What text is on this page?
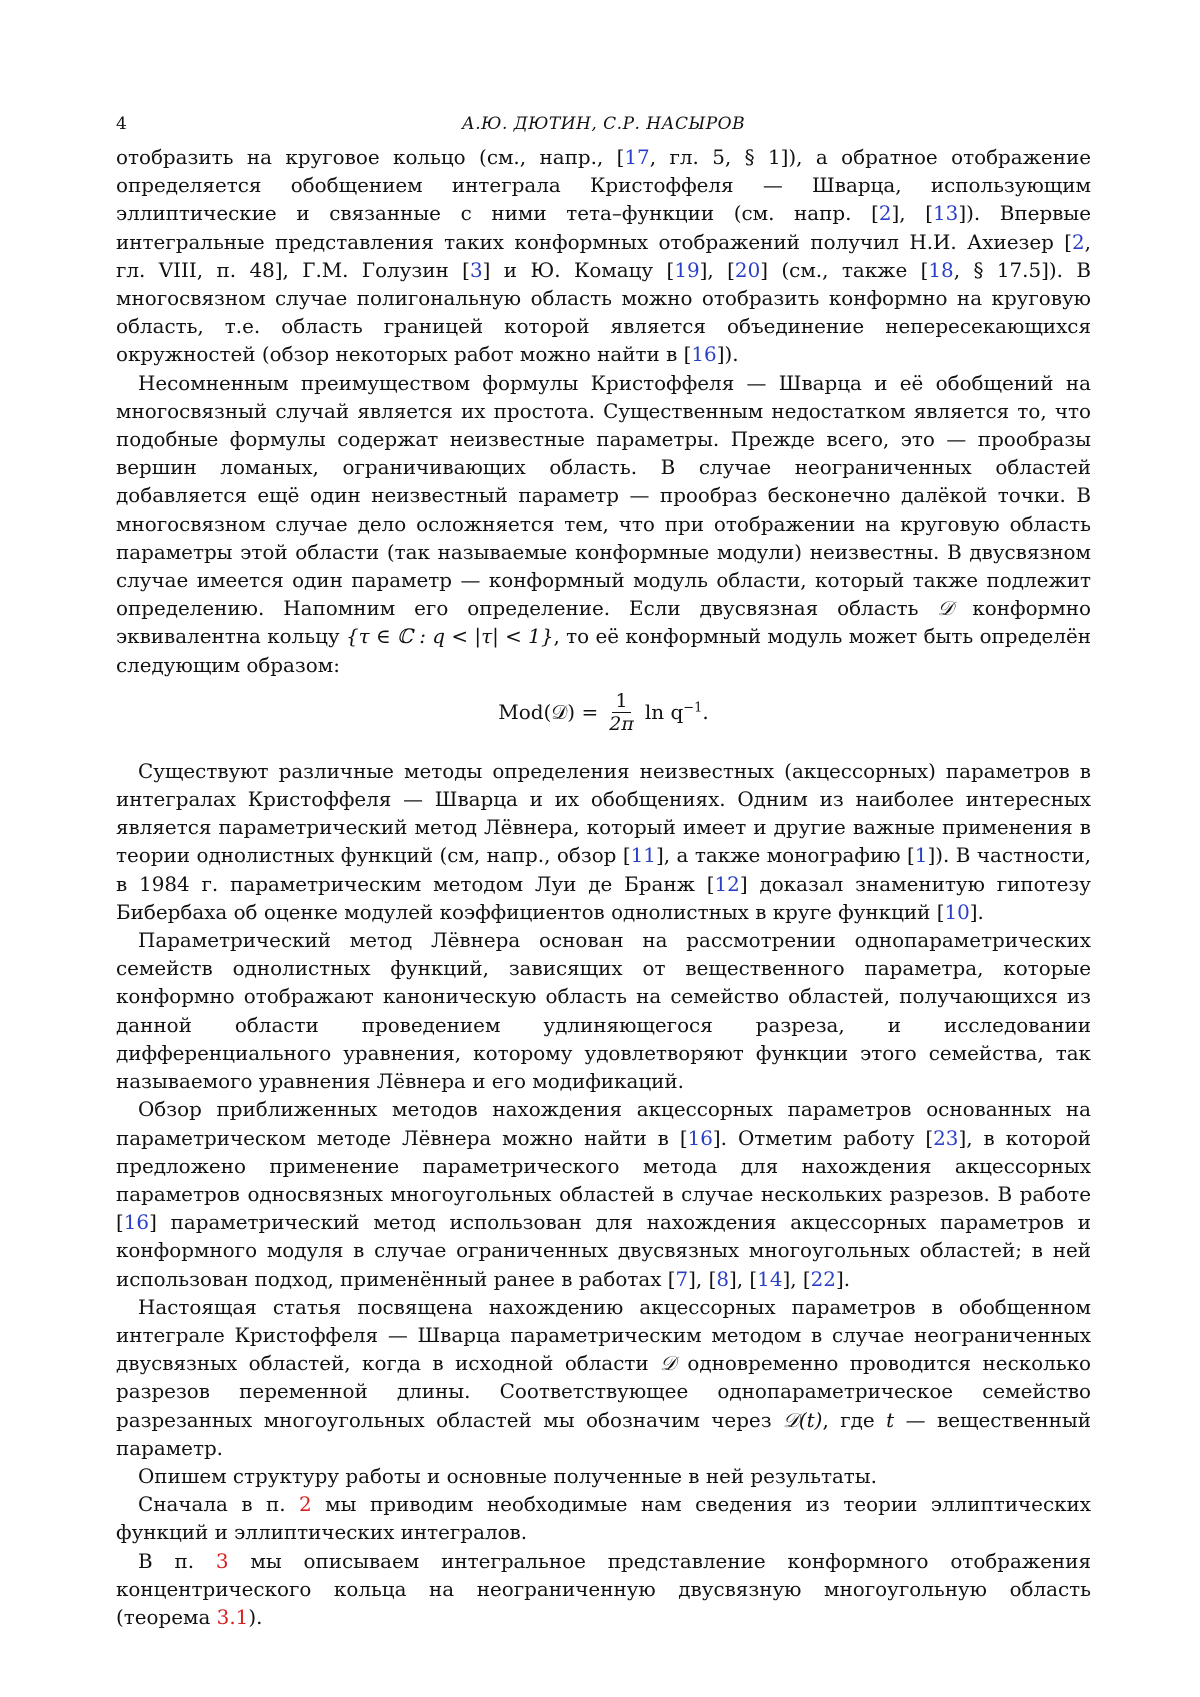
4	А.Ю. ДЮТИН, С.Р. НАСЫРОВ

отобразить на круговое кольцо (см., напр., [17, гл. 5, § 1]), а обратное отображение определяется обобщением интеграла Кристоффеля — Шварца, использующим эллиптические и связанные с ними тета–функции (см. напр. [2], [13]). Впервые интегральные представления таких конформных отображений получил Н.И. Ахиезер [2, гл. VIII, п. 48], Г.М. Голузин [3] и Ю. Комацу [19], [20] (см., также [18, § 17.5]). В многосвязном случае полигональную область можно отобразить конформно на круговую область, т.е. область границей которой является объединение непересекающихся окружностей (обзор некоторых работ можно найти в [16]).

Несомненным преимуществом формулы Кристоффеля — Шварца и её обобщений на многосвязный случай является их простота. Существенным недостатком является то, что подобные формулы содержат неизвестные параметры. Прежде всего, это — прообразы вершин ломаных, ограничивающих область. В случае неограниченных областей добавляется ещё один неизвестный параметр — прообраз бесконечно далёкой точки. В многосвязном случае дело осложняется тем, что при отображении на круговую область параметры этой области (так называемые конформные модули) неизвестны. В двусвязном случае имеется один параметр — конформный модуль области, который также подлежит определению. Напомним его определение. Если двусвязная область 𝒟 конформно эквивалентна кольцу {τ ∈ ℂ : q < |τ| < 1}, то её конформный модуль может быть определён следующим образом:

Mod(𝒟) = $\frac{1}{2\pi}$ $\ln q^{-1}$.

Существуют различные методы определения неизвестных (акцессорных) параметров в интегралах Кристоффеля — Шварца и их обобщениях. Одним из наиболее интересных является параметрический метод Лёвнера, который имеет и другие важные применения в теории однолистных функций (см, напр., обзор [11], а также монографию [1]). В частности, в 1984 г. параметрическим методом Луи де Бранж [12] доказал знаменитую гипотезу Бибербаха об оценке модулей коэффициентов однолистных в круге функций [10].

Параметрический метод Лёвнера основан на рассмотрении однопараметрических семейств однолистных функций, зависящих от вещественного параметра, которые конформно отображают каноническую область на семейство областей, получающихся из данной области проведением удлиняющегося разреза, и исследовании дифференциального уравнения, которому удовлетворяют функции этого семейства, так называемого уравнения Лёвнера и его модификаций.

Обзор приближенных методов нахождения акцессорных параметров основанных на параметрическом методе Лёвнера можно найти в [16]. Отметим работу [23], в которой предложено применение параметрического метода для нахождения акцессорных параметров односвязных многоугольных областей в случае нескольких разрезов. В работе [16] параметрический метод использован для нахождения акцессорных параметров и конформного модуля в случае ограниченных двусвязных многоугольных областей; в ней использован подход, применённый ранее в работах [7], [8], [14], [22].

Настоящая статья посвящена нахождению акцессорных параметров в обобщенном интеграле Кристоффеля — Шварца параметрическим методом в случае неограниченных двусвязных областей, когда в исходной области 𝒟 одновременно проводится несколько разрезов переменной длины. Соответствующее однопараметрическое семейство разрезанных многоугольных областей мы обозначим через 𝒟(t), где t — вещественный параметр.

Опишем структуру работы и основные полученные в ней результаты.

Сначала в п. 2 мы приводим необходимые нам сведения из теории эллиптических функций и эллиптических интегралов.

В п. 3 мы описываем интегральное представление конформного отображения концентрического кольца на неограниченную двусвязную многоугольную область (теорема 3.1).
